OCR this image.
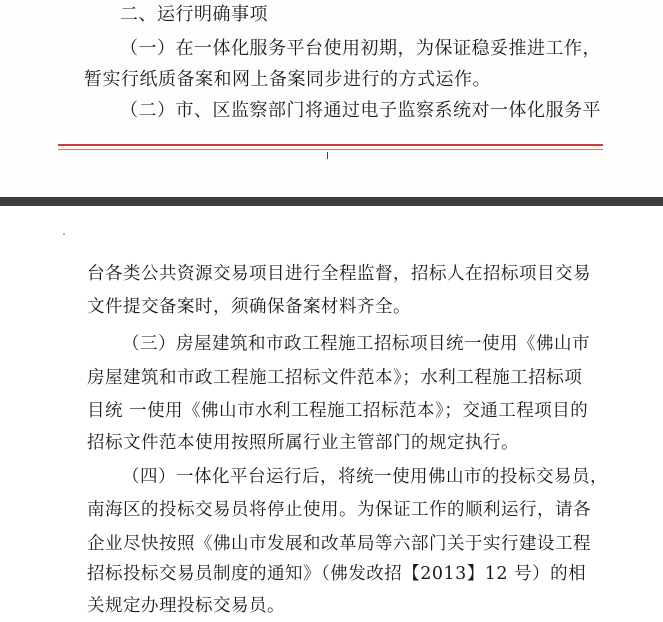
二、运行明确事项
（一）在一体化服务平台使用初期，为保证稳妥推进工作，
暂实行纸质备案和网上备案同步进行的方式运作。
（二）市、区监察部门将通过电子监察系统对一体化服务平
台各类公共资源交易项目进行全程监督，招标人在招标项目交易
文件提交备案时，须确保备案材料齐全。
（三）房屋建筑和市政工程施工招标项目统一使用《佛山市
房屋建筑和市政工程施工招标文件范本》；水利工程施工招标项
目统 一使用《佛山市水利工程施工招标范本》；交通工程项目的
招标文件范本使用按照所属行业主管部门的规定执行。
（四）一体化平台运行后，将统一使用佛山市的投标交易员，
南海区的投标交易员将停止使用。为保证工作的顺利运行，请各
企业尽快按照《佛山市发展和改革局等六部门关于实行建设工程
招标投标交易员制度的通知》（佛发改招【2013】12 号）的相
关规定办理投标交易员。
